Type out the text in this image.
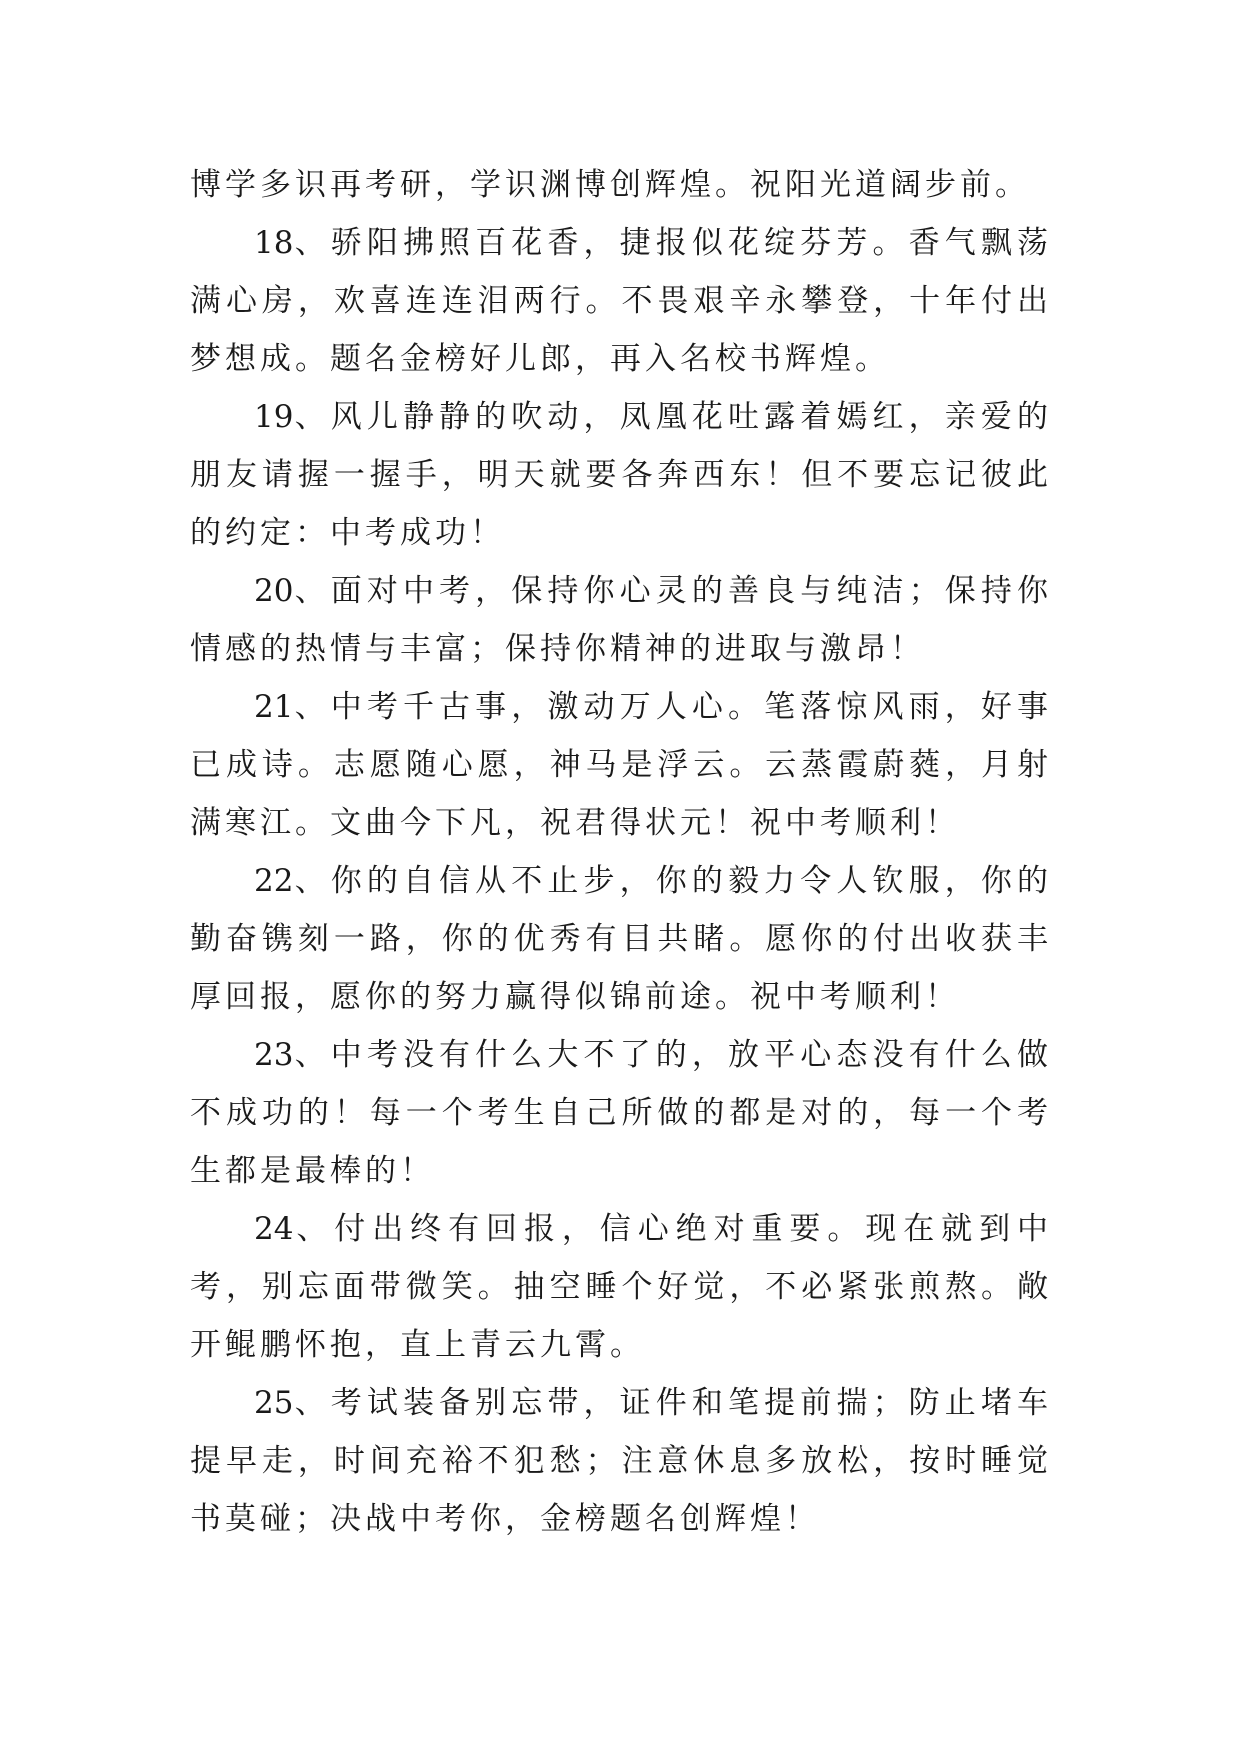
博学多识再考研，学识渊博创辉煌。祝阳光道阔步前。

18、骄阳拂照百花香，捷报似花绽芬芳。香气飘荡满心房，欢喜连连泪两行。不畏艰辛永攀登，十年付出梦想成。题名金榜好儿郎，再入名校书辉煌。

19、风儿静静的吹动，凤凰花吐露着嫣红，亲爱的朋友请握一握手，明天就要各奔西东！但不要忘记彼此的约定：中考成功！

20、面对中考，保持你心灵的善良与纯洁；保持你情感的热情与丰富；保持你精神的进取与激昂！

21、中考千古事，激动万人心。笔落惊风雨，好事已成诗。志愿随心愿，神马是浮云。云蒸霞蔚蕤，月射满寒江。文曲今下凡，祝君得状元！祝中考顺利！

22、你的自信从不止步，你的毅力令人钦服，你的勤奋镌刻一路，你的优秀有目共睹。愿你的付出收获丰厚回报，愿你的努力赢得似锦前途。祝中考顺利！

23、中考没有什么大不了的，放平心态没有什么做不成功的！每一个考生自己所做的都是对的，每一个考生都是最棒的！

24、付出终有回报，信心绝对重要。现在就到中考，别忘面带微笑。抽空睡个好觉，不必紧张煎熬。敞开鲲鹏怀抱，直上青云九霄。

25、考试装备别忘带，证件和笔提前揣；防止堵车提早走，时间充裕不犯愁；注意休息多放松，按时睡觉书莫碰；决战中考你，金榜题名创辉煌！
